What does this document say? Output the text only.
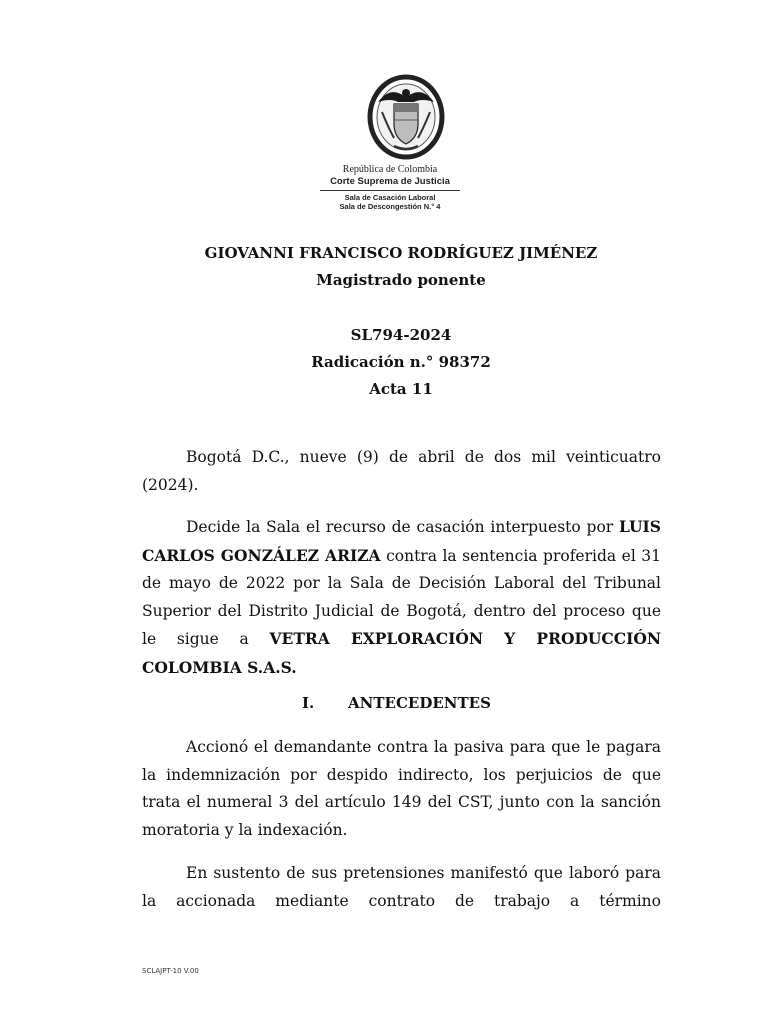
República de Colombia
Corte Suprema de Justicia
Sala de Casación Laboral
Sala de Descongestión N.° 4
GIOVANNI FRANCISCO RODRÍGUEZ JIMÉNEZ
Magistrado ponente
SL794-2024
Radicación n.° 98372
Acta 11

Bogotá D.C., nueve (9) de abril de dos mil veinticuatro (2024).

Decide la Sala el recurso de casación interpuesto por LUIS CARLOS GONZÁLEZ ARIZA contra la sentencia proferida el 31 de mayo de 2022 por la Sala de Decisión Laboral del Tribunal Superior del Distrito Judicial de Bogotá, dentro del proceso que le sigue a VETRA EXPLORACIÓN Y PRODUCCIÓN COLOMBIA S.A.S.

I. ANTECEDENTES

Accionó el demandante contra la pasiva para que le pagara la indemnización por despido indirecto, los perjuicios de que trata el numeral 3 del artículo 149 del CST, junto con la sanción moratoria y la indexación.

En sustento de sus pretensiones manifestó que laboró para la accionada mediante contrato de trabajo a término

SCLAJPT-10 V.00
